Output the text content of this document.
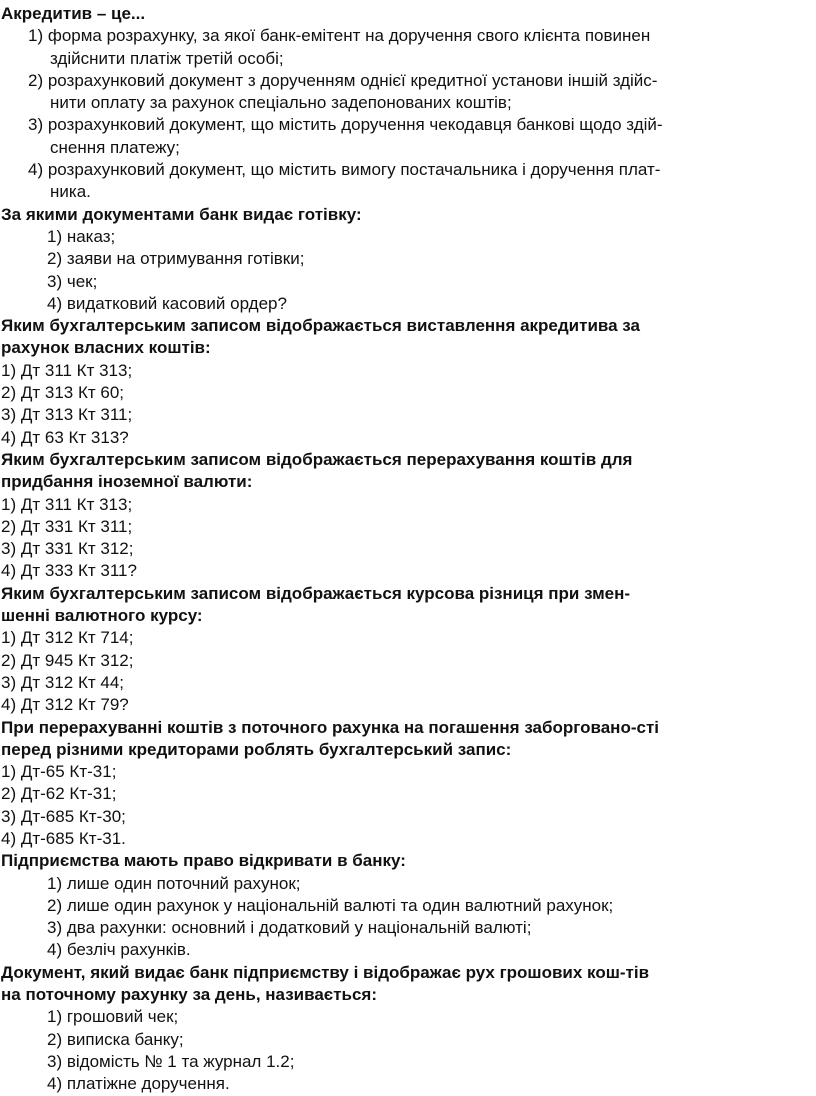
Акредитив – це...
1) форма розрахунку, за якої банк-емітент на доручення свого клієнта повинен
здійснити платіж третій особі;
2) розрахунковий документ з дорученням однієї кредитної установи іншій здійс-
нити оплату за рахунок спеціально задепонованих коштів;
3) розрахунковий документ, що містить доручення чекодавця банкові щодо здій-
снення платежу;
4) розрахунковий документ, що містить вимогу постачальника і доручення плат-
ника.
За якими документами банк видає готівку:
1) наказ;
2) заяви на отримування готівки;
3) чек;
4) видатковий касовий ордер?
Яким бухгалтерським записом відображається виставлення акредитива за
рахунок власних коштів:
1) Дт 311 Кт 313;
2) Дт 313 Кт 60;
3) Дт 313 Кт 311;
4) Дт 63 Кт 313?
Яким бухгалтерським записом відображається перерахування коштів для
придбання іноземної валюти:
1) Дт 311 Кт 313;
2) Дт 331 Кт 311;
3) Дт 331 Кт 312;
4) Дт 333 Кт 311?
Яким бухгалтерським записом відображається курсова різниця при змен-
шенні валютного курсу:
1) Дт 312 Кт 714;
2) Дт 945 Кт 312;
3) Дт 312 Кт 44;
4) Дт 312 Кт 79?
При перерахуванні коштів з поточного рахунка на погашення заборговано-сті
перед різними кредиторами роблять бухгалтерський запис:
1) Дт-65 Кт-31;
2) Дт-62 Кт-31;
3) Дт-685 Кт-30;
4) Дт-685 Кт-31.
Підприємства мають право відкривати в банку:
1) лише один поточний рахунок;
2) лише один рахунок у національній валюті та один валютний рахунок;
3) два рахунки: основний і додатковий у національній валюті;
4) безліч рахунків.
Документ, який видає банк підприємству і відображає рух грошових кош-тів
на поточному рахунку за день, називається:
1) грошовий чек;
2) виписка банку;
3) відомість № 1 та журнал 1.2;
4) платіжне доручення.
